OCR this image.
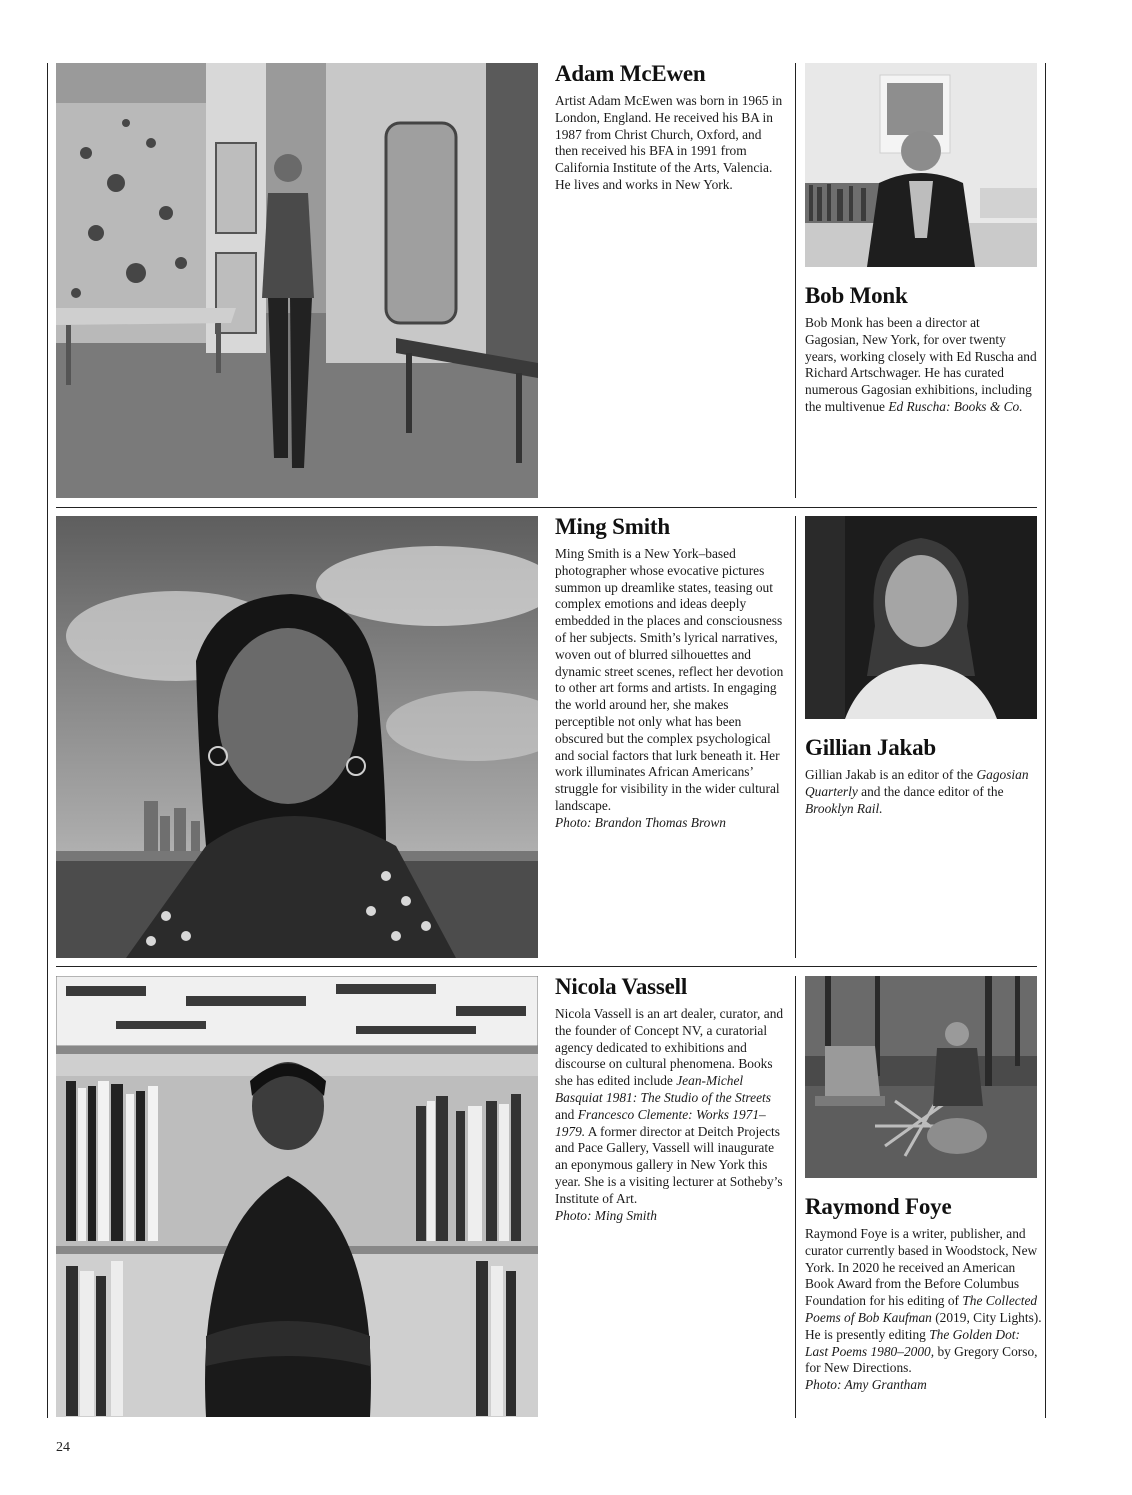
Adam McEwen

Artist Adam McEwen was born in 1965 in London, England. He received his BA in 1987 from Christ Church, Oxford, and then received his BFA in 1991 from California Institute of the Arts, Valencia. He lives and works in New York.

Bob Monk

Bob Monk has been a director at Gagosian, New York, for over twenty years, working closely with Ed Ruscha and Richard Artschwager. He has curated numerous Gagosian exhibitions, including the multivenue Ed Ruscha: Books & Co.

Ming Smith

Ming Smith is a New York–based photographer whose evocative pictures summon up dreamlike states, teasing out complex emotions and ideas deeply embedded in the places and consciousness of her subjects. Smith’s lyrical narratives, woven out of blurred silhouettes and dynamic street scenes, reflect her devotion to other art forms and artists. In engaging the world around her, she makes perceptible not only what has been obscured but the complex psychological and social factors that lurk beneath it. Her work illuminates African Americans’ struggle for visibility in the wider cultural landscape.
Photo: Brandon Thomas Brown

Gillian Jakab

Gillian Jakab is an editor of the Gagosian Quarterly and the dance editor of the Brooklyn Rail.

Nicola Vassell

Nicola Vassell is an art dealer, curator, and the founder of Concept NV, a curatorial agency dedicated to exhibitions and discourse on cultural phenomena. Books she has edited include Jean-Michel Basquiat 1981: The Studio of the Streets and Francesco Clemente: Works 1971–1979. A former director at Deitch Projects and Pace Gallery, Vassell will inaugurate an eponymous gallery in New York this year. She is a visiting lecturer at Sotheby’s Institute of Art.
Photo: Ming Smith	Raymond Foye

Raymond Foye is a writer, publisher, and curator currently based in Woodstock, New York. In 2020 he received an American Book Award from the Before Columbus Foundation for his editing of The Collected Poems of Bob Kaufman (2019, City Lights). He is presently editing The Golden Dot: Last Poems 1980–2000, by Gregory Corso, for New Directions.
Photo: Amy Grantham

24
